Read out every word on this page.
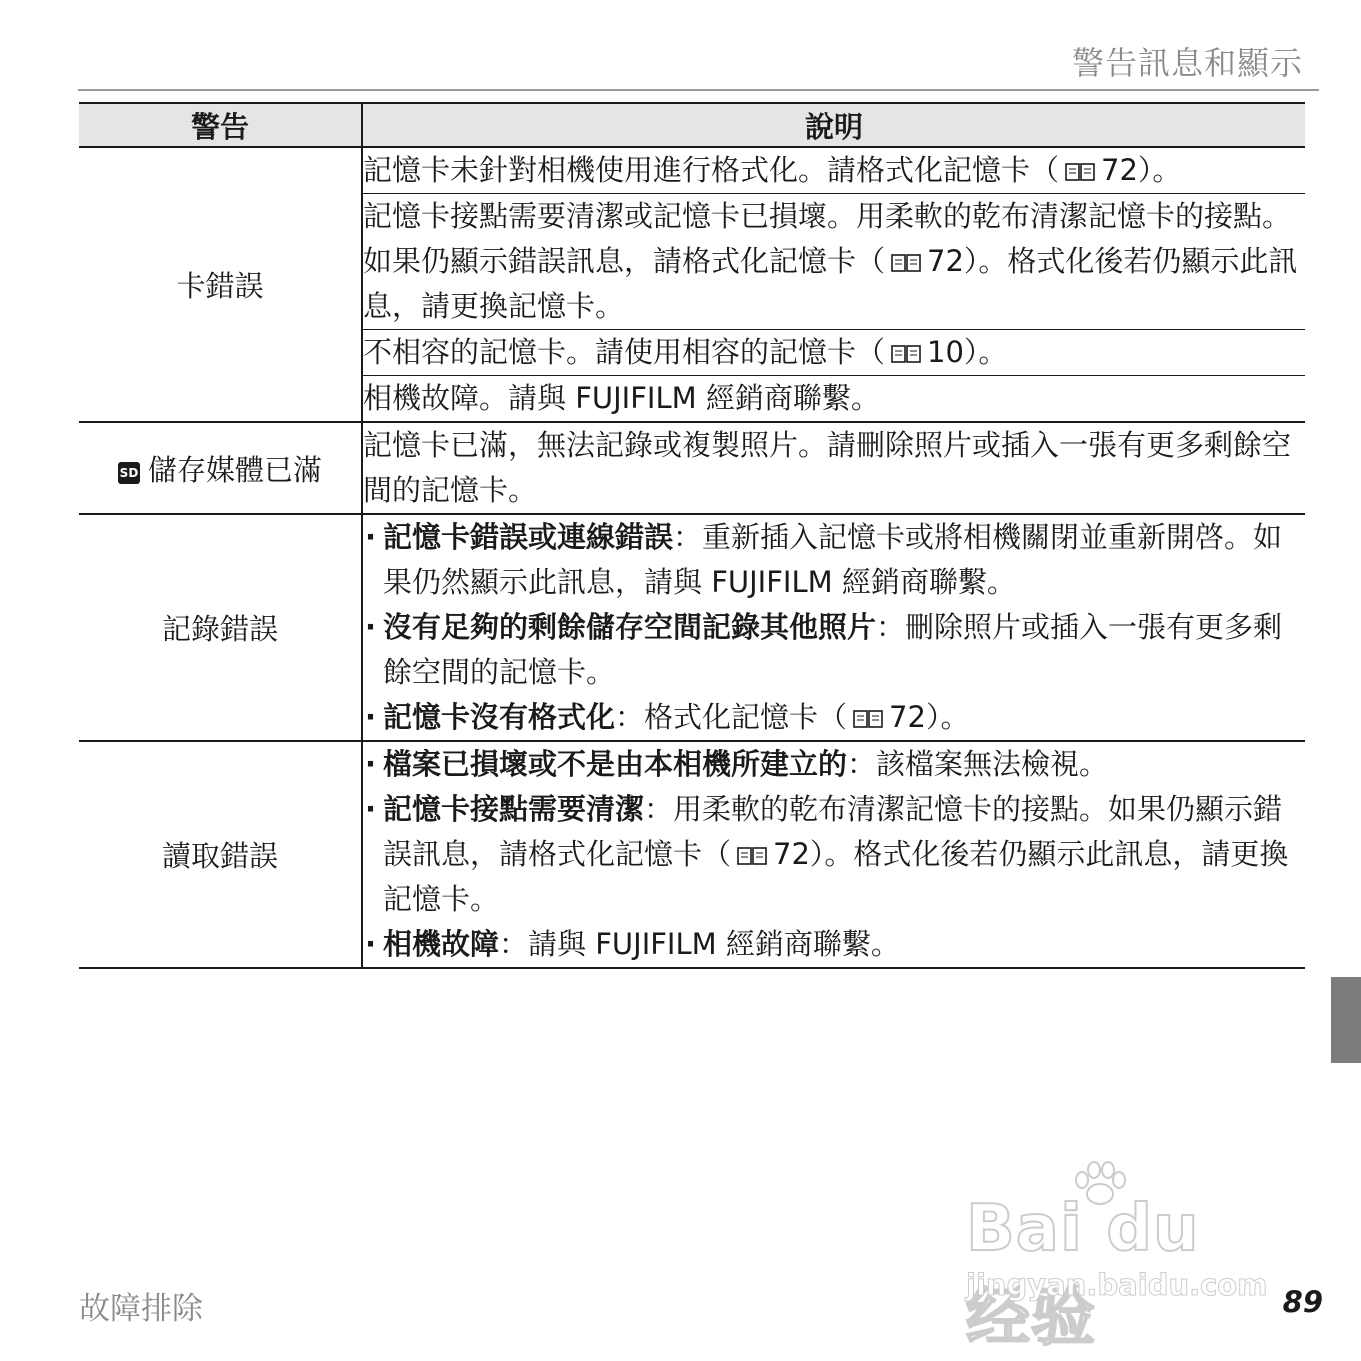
警告訊息和顯示
警告	說明
卡錯誤	記憶卡未針對相機使用進行格式化。請格式化記憶卡（ 72）。
	記憶卡接點需要清潔或記憶卡已損壞。用柔軟的乾布清潔記憶卡的接點。如果仍顯示錯誤訊息，請格式化記憶卡（ 72）。格式化後若仍顯示此訊息，請更換記憶卡。
	不相容的記憶卡。請使用相容的記憶卡（ 10）。
	相機故障。請與 FUJIFILM 經銷商聯繫。
SD 儲存媒體已滿	記憶卡已滿，無法記錄或複製照片。請刪除照片或插入一張有更多剩餘空間的記憶卡。
記錄錯誤	· 記憶卡錯誤或連線錯誤：重新插入記憶卡或將相機關閉並重新開啓。如果仍然顯示此訊息，請與 FUJIFILM 經銷商聯繫。
· 沒有足夠的剩餘儲存空間記錄其他照片：刪除照片或插入一張有更多剩餘空間的記憶卡。
· 記憶卡沒有格式化：格式化記憶卡（ 72）。

讀取錯誤	· 檔案已損壞或不是由本相機所建立的：該檔案無法檢視。
· 記憶卡接點需要清潔：用柔軟的乾布清潔記憶卡的接點。如果仍顯示錯誤訊息，請格式化記憶卡（ 72）。格式化後若仍顯示此訊息，請更換記憶卡。
· 相機故障：請與 FUJIFILM 經銷商聯繫。
Bai du 经验
jingyan.baidu.com
故障排除	89
